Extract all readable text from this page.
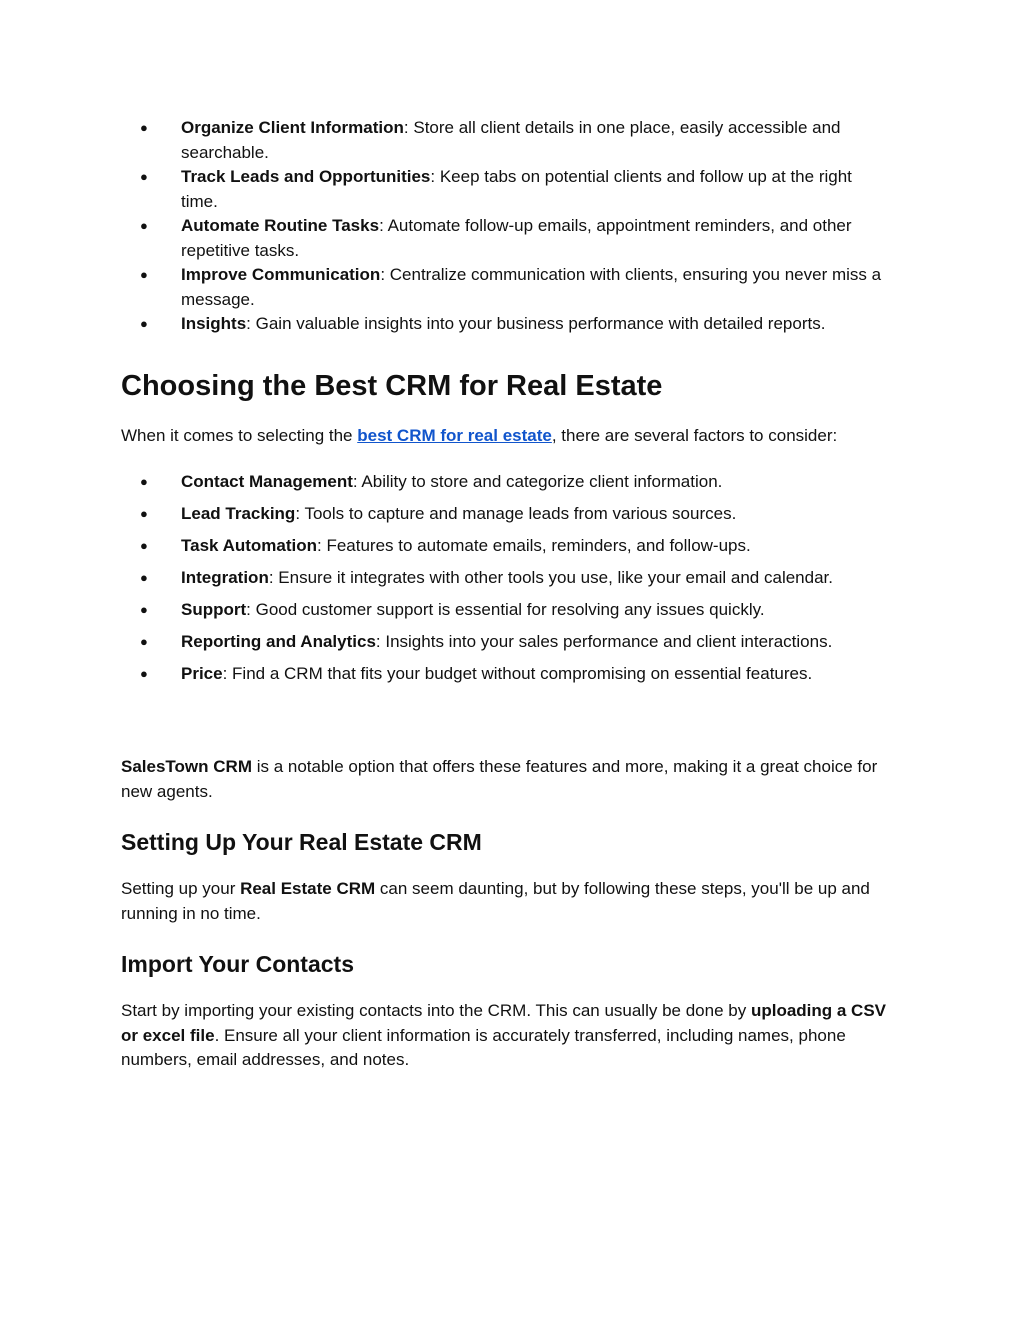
● Organize Client Information: Store all client details in one place, easily accessible and searchable.
● Track Leads and Opportunities: Keep tabs on potential clients and follow up at the right time.
● Automate Routine Tasks: Automate follow-up emails, appointment reminders, and other repetitive tasks.
● Improve Communication: Centralize communication with clients, ensuring you never miss a message.
● Insights: Gain valuable insights into your business performance with detailed reports.
Choosing the Best CRM for Real Estate

When it comes to selecting the best CRM for real estate, there are several factors to consider:

● Contact Management: Ability to store and categorize client information.
● Lead Tracking: Tools to capture and manage leads from various sources.
● Task Automation: Features to automate emails, reminders, and follow-ups.
● Integration: Ensure it integrates with other tools you use, like your email and calendar.
● Support: Good customer support is essential for resolving any issues quickly.
● Reporting and Analytics: Insights into your sales performance and client interactions.
● Price: Find a CRM that fits your budget without compromising on essential features.

SalesTown CRM is a notable option that offers these features and more, making it a great choice for new agents.

Setting Up Your Real Estate CRM

Setting up your Real Estate CRM can seem daunting, but by following these steps, you'll be up and running in no time.

Import Your Contacts

Start by importing your existing contacts into the CRM. This can usually be done by uploading a CSV or excel file. Ensure all your client information is accurately transferred, including names, phone numbers, email addresses, and notes.
